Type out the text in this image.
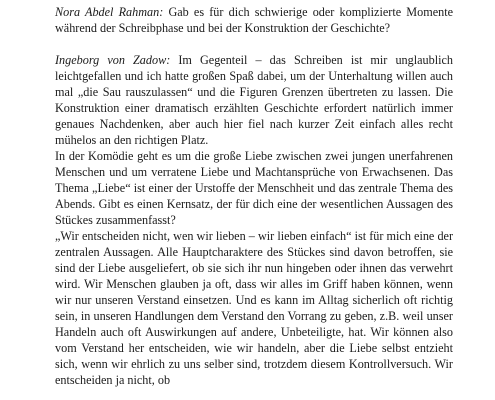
Nora Abdel Rahman: Gab es für dich schwierige oder komplizierte Momente während der Schreibphase und bei der Konstruktion der Geschichte?

Ingeborg von Zadow: Im Gegenteil – das Schreiben ist mir unglaublich leichtgefallen und ich hatte großen Spaß dabei, um der Unterhaltung willen auch mal „die Sau rauszulassen“ und die Figuren Grenzen übertreten zu lassen. Die Konstruktion einer dramatisch erzählten Geschichte erfordert natürlich immer genaues Nachdenken, aber auch hier fiel nach kurzer Zeit einfach alles recht mühelos an den richtigen Platz.

In der Komödie geht es um die große Liebe zwischen zwei jungen unerfahrenen Menschen und um verratene Liebe und Machtansprüche von Erwachsenen. Das Thema „Liebe“ ist einer der Urstoffe der Menschheit und das zentrale Thema des Abends. Gibt es einen Kernsatz, der für dich eine der wesentlichen Aussagen des Stückes zusammenfasst?

„Wir entscheiden nicht, wen wir lieben – wir lieben einfach“ ist für mich eine der zentralen Aussagen. Alle Hauptcharaktere des Stückes sind davon betroffen, sie sind der Liebe ausgeliefert, ob sie sich ihr nun hingeben oder ihnen das verwehrt wird. Wir Menschen glauben ja oft, dass wir alles im Griff haben können, wenn wir nur unseren Verstand einsetzen. Und es kann im Alltag sicherlich oft richtig sein, in unseren Handlungen dem Verstand den Vorrang zu geben, z.B. weil unser Handeln auch oft Auswirkungen auf andere, Unbeteiligte, hat. Wir können also vom Verstand her entscheiden, wie wir handeln, aber die Liebe selbst entzieht sich, wenn wir ehrlich zu uns selber sind, trotzdem diesem Kontrollversuch. Wir entscheiden ja nicht, ob
